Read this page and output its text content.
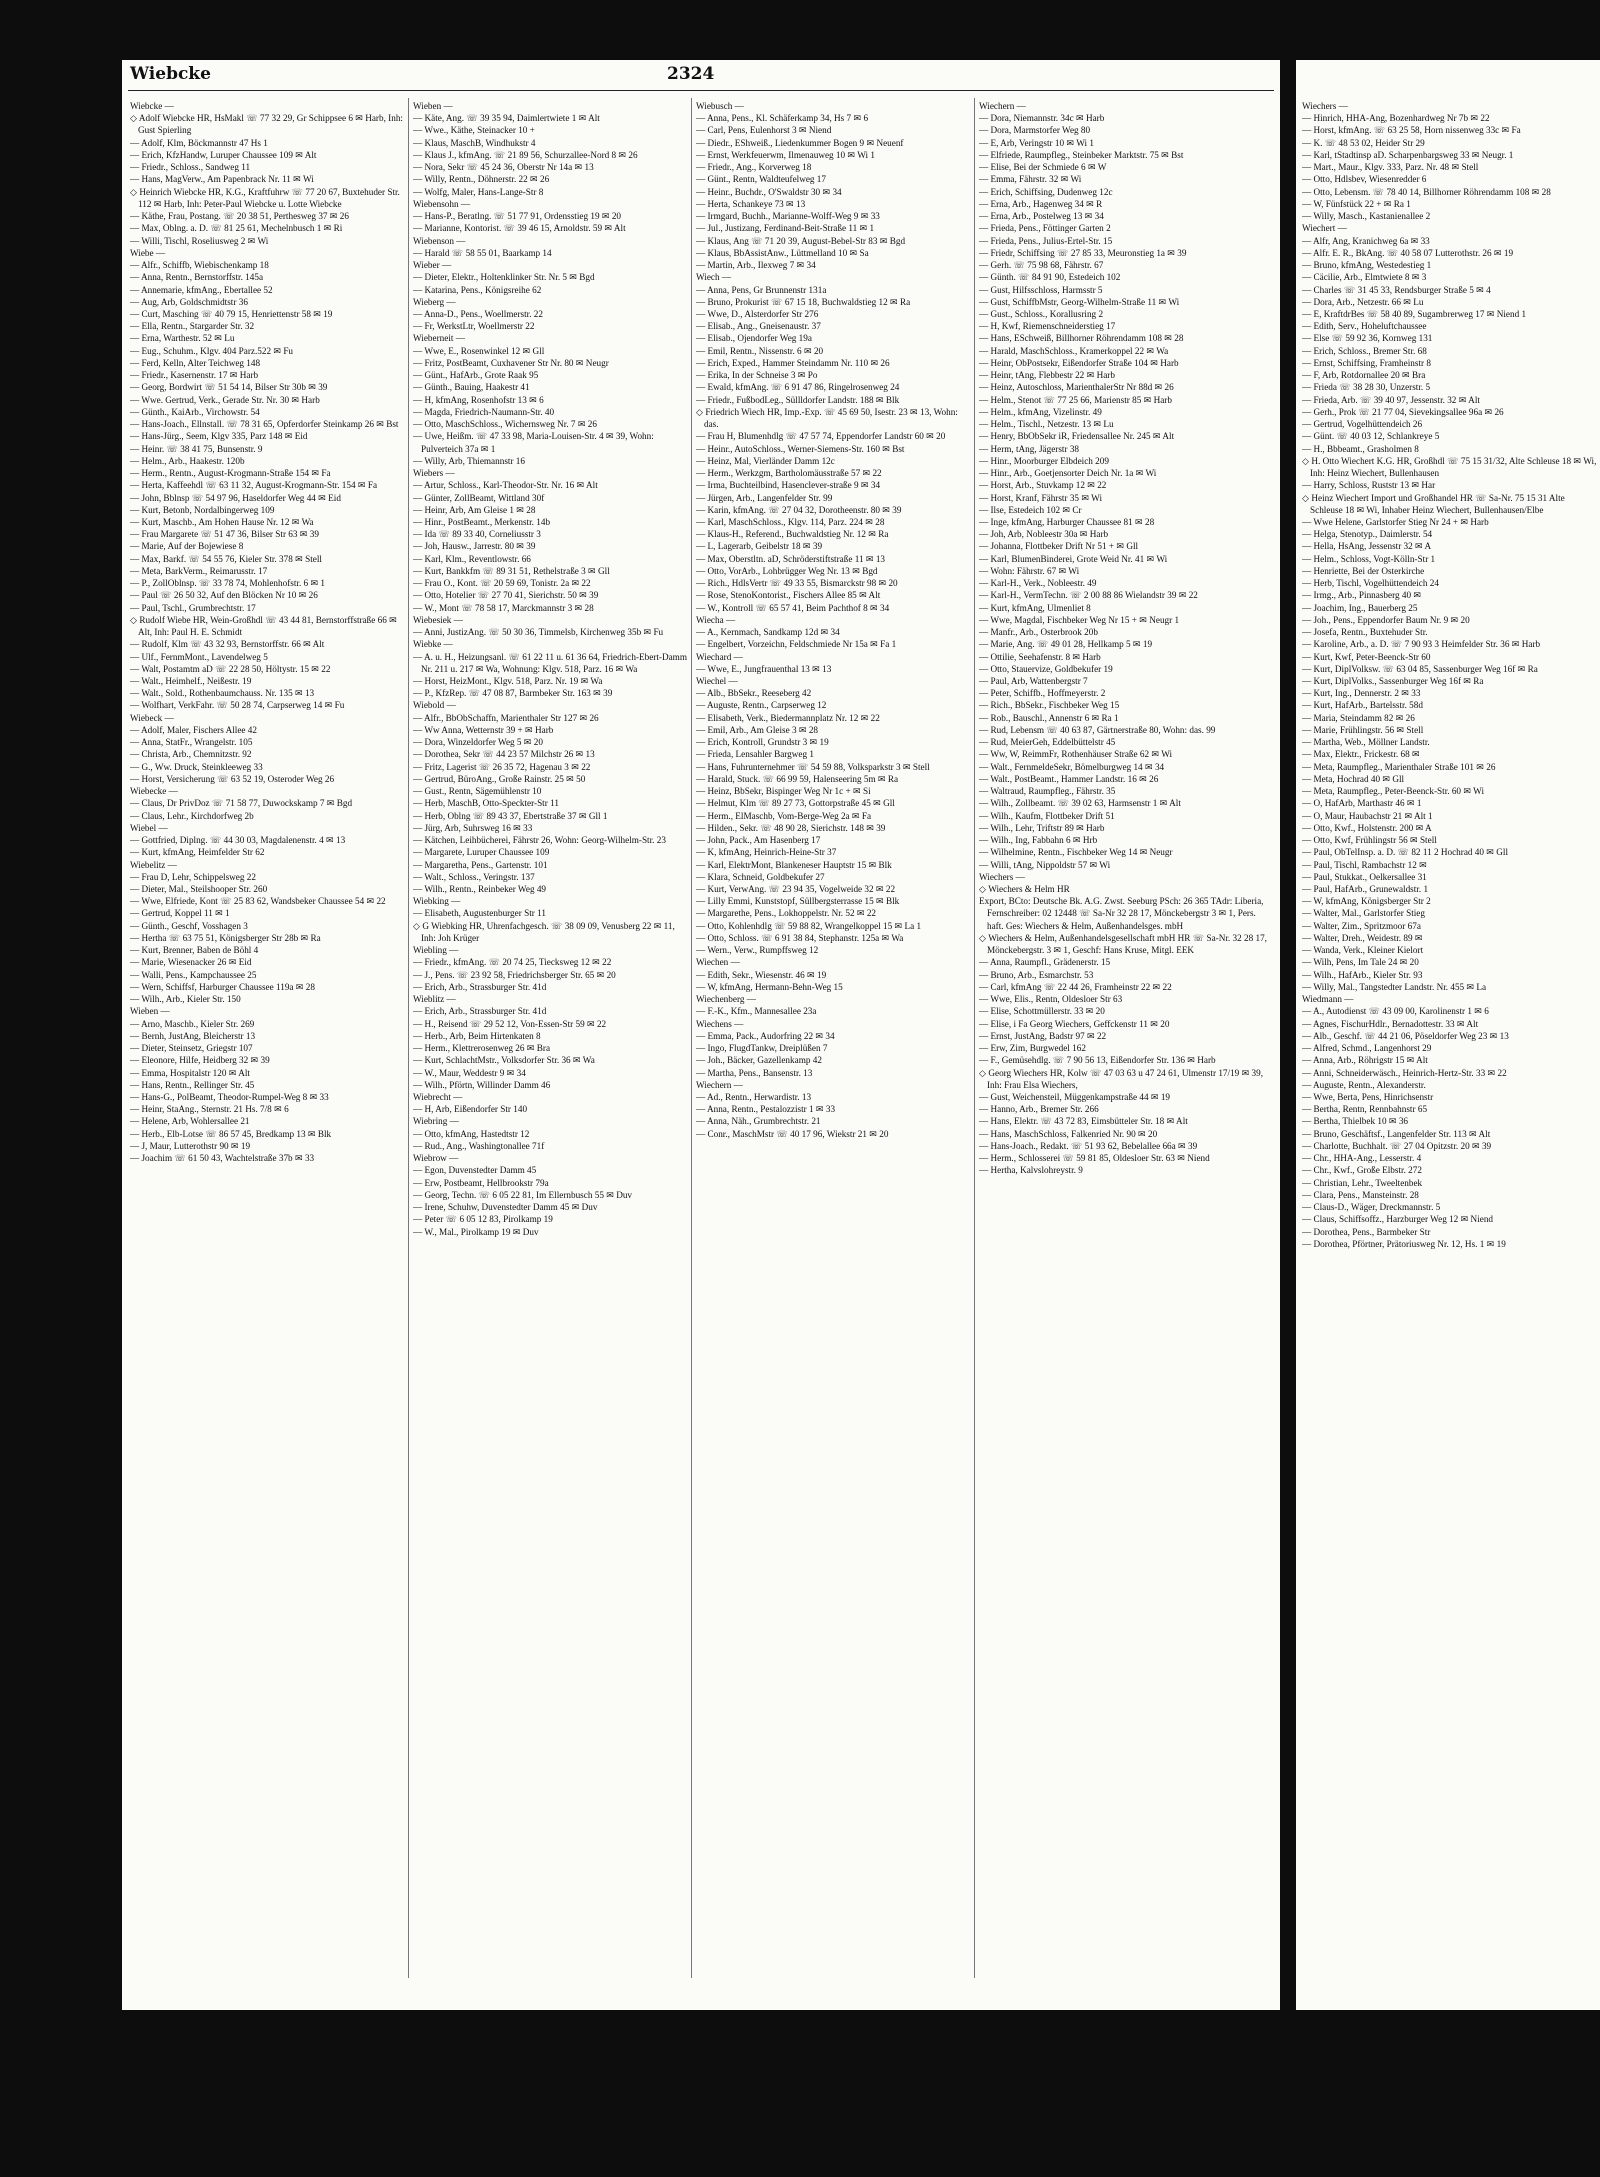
Wiebcke	2324

Wiebcke —

◇ Adolf Wiebcke HR, HsMakl ☏ 77 32 29, Gr Schippsee 6 ✉ Harb, Inh: Gust Spierling

— Adolf, Klm, Böckmannstr 47 Hs 1

— Erich, KfzHandw, Luruper Chaussee 109 ✉ Alt

— Friedr., Schloss., Sandweg 11

— Hans, MagVerw., Am Papenbrack Nr. 11 ✉ Wi

◇ Heinrich Wiebcke HR, K.G., Kraftfuhrw ☏ 77 20 67, Buxtehuder Str. 112 ✉ Harb, Inh: Peter-Paul Wiebcke u. Lotte Wiebcke

— Käthe, Frau, Postang. ☏ 20 38 51, Perthesweg 37 ✉ 26

— Max, Oblng. a. D. ☏ 81 25 61, Mechelnbusch 1 ✉ Ri

— Willi, Tischl, Roseliusweg 2 ✉ Wi

Wiebe —

— Alfr., Schiffb, Wiebischenkamp 18

— Anna, Rentn., Bernstorffstr. 145a

— Annemarie, kfmAng., Ebertallee 52

— Aug, Arb, Goldschmidtstr 36

— Curt, Masching ☏ 40 79 15, Henriettenstr 58 ✉ 19

— Ella, Rentn., Stargarder Str. 32

— Erna, Warthestr. 52 ✉ Lu

— Eug., Schuhm., Klgv. 404 Parz.522 ✉ Fu

— Ferd, Kelln, Alter Teichweg 148

— Friedr., Kasernenstr. 17 ✉ Harb

— Georg, Bordwirt ☏ 51 54 14, Bilser Str 30b ✉ 39

— Wwe. Gertrud, Verk., Gerade Str. Nr. 30 ✉ Harb

— Günth., KaiArb., Virchowstr. 54

— Hans-Joach., Ellnstall. ☏ 78 31 65, Opferdorfer Steinkamp 26 ✉ Bst

— Hans-Jürg., Seem, Klgv 335, Parz 148 ✉ Eid

— Heinr. ☏ 38 41 75, Bunsenstr. 9

— Helm., Arb., Haakestr. 120b

— Herm., Rentn., August-Krogmann-Straße 154 ✉ Fa

— Herta, Kaffeehdl ☏ 63 11 32, August-Krogmann-Str. 154 ✉ Fa

— John, Bblnsp ☏ 54 97 96, Haseldorfer Weg 44 ✉ Eid

— Kurt, Betonb, Nordalbingerweg 109

— Kurt, Maschb., Am Hohen Hause Nr. 12 ✉ Wa

— Frau Margarete ☏ 51 47 36, Bilser Str 63 ✉ 39

— Marie, Auf der Bojewiese 8

— Max, Barkf. ☏ 54 55 76, Kieler Str. 378 ✉ Stell

— Meta, BarkVerm., Reimarusstr. 17

— P., ZollOblnsp. ☏ 33 78 74, Mohlenhofstr. 6 ✉ 1

— Paul ☏ 26 50 32, Auf den Blöcken Nr 10 ✉ 26

— Paul, Tschl., Grumbrechtstr. 17

◇ Rudolf Wiebe HR, Wein-Großhdl ☏ 43 44 81, Bernstorffstraße 66 ✉ Alt, Inh: Paul H. E. Schmidt

— Rudolf, Klm ☏ 43 32 93, Bernstorffstr. 66 ✉ Alt

— Ulf., FernmMont., Lavendelweg 5

— Walt, Postamtm aD ☏ 22 28 50, Höltystr. 15 ✉ 22

— Walt., Heimhelf., Neißestr. 19

— Walt., Sold., Rothenbaumchauss. Nr. 135 ✉ 13

— Wolfhart, VerkFahr. ☏ 50 28 74, Carpserweg 14 ✉ Fu

Wiebeck —

— Adolf, Maler, Fischers Allee 42

— Anna, StatFr., Wrangelstr. 105

— Christa, Arb., Chemnitzstr. 92

— G., Ww. Druck, Steinkleeweg 33

— Horst, Versicherung ☏ 63 52 19, Osteroder Weg 26

Wiebecke —

— Claus, Dr PrivDoz ☏ 71 58 77, Duwockskamp 7 ✉ Bgd

— Claus, Lehr., Kirchdorfweg 2b

Wiebel —

— Gottfried, Diplng. ☏ 44 30 03, Magdalenenstr. 4 ✉ 13

— Kurt, kfmAng, Heimfelder Str 62

Wiebelitz —

— Frau D, Lehr, Schippelsweg 22

— Dieter, Mal., Steilshooper Str. 260

— Wwe, Elfriede, Kont ☏ 25 83 62, Wandsbeker Chaussee 54 ✉ 22

— Gertrud, Koppel 11 ✉ 1

— Günth., Geschf, Vosshagen 3

— Hertha ☏ 63 75 51, Königsberger Str 28b ✉ Ra

— Kurt, Brenner, Baben de Böhl 4

— Marie, Wiesenacker 26 ✉ Eid

— Walli, Pens., Kampchaussee 25

— Wern, Schiffsf, Harburger Chaussee 119a ✉ 28

— Wilh., Arb., Kieler Str. 150

Wieben —

— Arno, Maschb., Kieler Str. 269

— Bernh, JustAng, Bleicherstr 13

— Dieter, Steinsetz, Griegstr 107

— Eleonore, Hilfe, Heidberg 32 ✉ 39

— Emma, Hospitalstr 120 ✉ Alt

— Hans, Rentn., Rellinger Str. 45

— Hans-G., PolBeamt, Theodor-Rumpel-Weg 8 ✉ 33

— Heinr, StaAng., Sternstr. 21 Hs. 7/8 ✉ 6

— Helene, Arb, Wohlersallee 21

— Herb., Elb-Lotse ☏ 86 57 45, Bredkamp 13 ✉ Blk

— J, Maur, Lutterothstr 90 ✉ 19

— Joachim ☏ 61 50 43, Wachtelstraße 37b ✉ 33

Wieben —

— Käte, Ang. ☏ 39 35 94, Daimlertwiete 1 ✉ Alt

— Wwe., Käthe, Steinacker 10 +

— Klaus, MaschB, Windhukstr 4

— Klaus J., kfmAng. ☏ 21 89 56, Schurzallee-Nord 8 ✉ 26

— Nora, Sekr ☏ 45 24 36, Oberstr Nr 14a ✉ 13

— Willy, Rentn., Döhnerstr. 22 ✉ 26

— Wolfg, Maler, Hans-Lange-Str 8

Wiebensohn —

— Hans-P., Beratlng. ☏ 51 77 91, Ordensstieg 19 ✉ 20

— Marianne, Kontorist. ☏ 39 46 15, Arnoldstr. 59 ✉ Alt

Wiebenson —

— Harald ☏ 58 55 01, Baarkamp 14

Wieber —

— Dieter, Elektr., Holtenklinker Str. Nr. 5 ✉ Bgd

— Katarina, Pens., Königsreihe 62

Wieberg —

— Anna-D., Pens., Woellmerstr. 22

— Fr, WerkstLtr, Woellmerstr 22

Wieberneit —

— Wwe, E., Rosenwinkel 12 ✉ Gll

— Fritz, PostBeamt, Cuxhavener Str Nr. 80 ✉ Neugr

— Günt., HafArb., Grote Raak 95

— Günth., Bauing, Haakestr 41

— H, kfmAng, Rosenhofstr 13 ✉ 6

— Magda, Friedrich-Naumann-Str. 40

— Otto, MaschSchloss., Wichernsweg Nr. 7 ✉ 26

— Uwe, Heißm. ☏ 47 33 98, Maria-Louisen-Str. 4 ✉ 39, Wohn: Pulverteich 37a ✉ 1

— Willy, Arb, Thiemannstr 16

Wiebers —

— Artur, Schloss., Karl-Theodor-Str. Nr. 16 ✉ Alt

— Günter, ZollBeamt, Wittland 30f

— Heinr, Arb, Am Gleise 1 ✉ 28

— Hinr., PostBeamt., Merkenstr. 14b

— Ida ☏ 89 33 40, Corneliusstr 3

— Joh, Hausw., Jarrestr. 80 ✉ 39

— Karl, Klm., Reventlowstr. 66

— Kurt, Bankkfm ☏ 89 31 51, Rethelstraße 3 ✉ Gll

— Frau O., Kont. ☏ 20 59 69, Tonistr. 2a ✉ 22

— Otto, Hotelier ☏ 27 70 41, Sierichstr. 50 ✉ 39

— W., Mont ☏ 78 58 17, Marckmannstr 3 ✉ 28

Wiebesiek —

— Anni, JustizAng. ☏ 50 30 36, Timmelsb, Kirchenweg 35b ✉ Fu

Wiebke —

— A. u. H., Heizungsanl. ☏ 61 22 11 u. 61 36 64, Friedrich-Ebert-Damm Nr. 211 u. 217 ✉ Wa, Wohnung: Klgv. 518, Parz. 16 ✉ Wa

— Horst, HeizMont., Klgv. 518, Parz. Nr. 19 ✉ Wa

— P., KfzRep. ☏ 47 08 87, Barmbeker Str. 163 ✉ 39

Wiebold —

— Alfr., BbObSchaffn, Marienthaler Str 127 ✉ 26

— Ww Anna, Wetternstr 39 + ✉ Harb

— Dora, Winzeldorfer Weg 5 ✉ 20

— Dorothea, Sekr ☏ 44 23 57 Milchstr 26 ✉ 13

— Fritz, Lagerist ☏ 26 35 72, Hagenau 3 ✉ 22

— Gertrud, BüroAng., Große Rainstr. 25 ✉ 50

— Gust., Rentn, Sägemühlenstr 10

— Herb, MaschB, Otto-Speckter-Str 11

— Herb, Oblng ☏ 89 43 37, Ebertstraße 37 ✉ Gll 1

— Jürg, Arb, Suhrsweg 16 ✉ 33

— Kätchen, Leihbücherei, Fährstr 26, Wohn: Georg-Wilhelm-Str. 23

— Margarete, Luruper Chaussee 109

— Margaretha, Pens., Gartenstr. 101

— Walt., Schloss., Veringstr. 137

— Wilh., Rentn., Reinbeker Weg 49

Wiebking —

— Elisabeth, Augustenburger Str 11

◇ G Wiebking HR, Uhrenfachgesch. ☏ 38 09 09, Venusberg 22 ✉ 11, Inh: Joh Krüger

Wiebling —

— Friedr., kfmAng. ☏ 20 74 25, Tiecksweg 12 ✉ 22

— J., Pens. ☏ 23 92 58, Friedrichsberger Str. 65 ✉ 20

— Erich, Arb., Strassburger Str. 41d

Wieblitz —

— Erich, Arb., Strassburger Str. 41d

— H., Reisend ☏ 29 52 12, Von-Essen-Str 59 ✉ 22

— Herb., Arb, Beim Hirtenkaten 8

— Herm., Klettrerosenweg 26 ✉ Bra

— Kurt, SchlachtMstr., Volksdorfer Str. 36 ✉ Wa

— W., Maur, Weddestr 9 ✉ 34

— Wilh., Pförtn, Willinder Damm 46

Wiebrecht —

— H, Arb, Eißendorfer Str 140

Wiebring —

— Otto, kfmAng, Hastedtstr 12

— Rud., Ang., Washingtonallee 71f

Wiebrow —

— Egon, Duvenstedter Damm 45

— Erw, Postbeamt, Hellbrookstr 79a

— Georg, Techn. ☏ 6 05 22 81, Im Ellernbusch 55 ✉ Duv

— Irene, Schuhw, Duvenstedter Damm 45 ✉ Duv

— Peter ☏ 6 05 12 83, Pirolkamp 19

— W., Mal., Pirolkamp 19 ✉ Duv

Wiebusch —

— Anna, Pens., Kl. Schäferkamp 34, Hs 7 ✉ 6

— Carl, Pens, Eulenhorst 3 ✉ Niend

— Diedr., EShweiß., Liedenkummer Bogen 9 ✉ Neuenf

— Ernst, Werkfeuerwm, Ilmenauweg 10 ✉ Wi 1

— Friedr., Ang., Korverweg 18

— Günt., Rentn, Waldteufelweg 17

— Heinr., Buchdr., O'Swaldstr 30 ✉ 34

— Herta, Schankeye 73 ✉ 13

— Irmgard, Buchh., Marianne-Wolff-Weg 9 ✉ 33

— Jul., Justizang, Ferdinand-Beit-Straße 11 ✉ 1

— Klaus, Ang ☏ 71 20 39, August-Bebel-Str 83 ✉ Bgd

— Klaus, BbAssistAnw., Lüttmelland 10 ✉ Sa

— Martin, Arb., Ilexweg 7 ✉ 34

Wiech —

— Anna, Pens, Gr Brunnenstr 131a

— Bruno, Prokurist ☏ 67 15 18, Buchwaldstieg 12 ✉ Ra

— Wwe, D., Alsterdorfer Str 276

— Elisab., Ang., Gneisenaustr. 37

— Elisab., Ojendorfer Weg 19a

— Emil, Rentn., Nissenstr. 6 ✉ 20

— Erich, Exped., Hammer Steindamm Nr. 110 ✉ 26

— Erika, In der Schneise 3 ✉ Po

— Ewald, kfmAng. ☏ 6 91 47 86, Ringelrosenweg 24

— Friedr., FußbodLeg., Süllldorfer Landstr. 188 ✉ Blk

◇ Friedrich Wiech HR, Imp.-Exp. ☏ 45 69 50, Isestr. 23 ✉ 13, Wohn: das.

— Frau H, Blumenhdlg ☏ 47 57 74, Eppendorfer Landstr 60 ✉ 20

— Heinr., AutoSchloss., Werner-Siemens-Str. 160 ✉ Bst

— Heinz, Mal, Vierländer Damm 12c

— Herm., Werkzgm, Bartholomäusstraße 57 ✉ 22

— Irma, Buchteilbind, Hasenclever-straße 9 ✉ 34

— Jürgen, Arb., Langenfelder Str. 99

— Karin, kfmAng. ☏ 27 04 32, Dorotheenstr. 80 ✉ 39

— Karl, MaschSchloss., Klgv. 114, Parz. 224 ✉ 28

— Klaus-H., Referend., Buchwaldstieg Nr. 12 ✉ Ra

— L, Lagerarb, Geibelstr 18 ✉ 39

— Max, Oberstltn. aD, Schröderstiftstraße 11 ✉ 13

— Otto, VorArb., Lohbrügger Weg Nr. 13 ✉ Bgd

— Rich., HdlsVertr ☏ 49 33 55, Bismarckstr 98 ✉ 20

— Rose, StenoKontorist., Fischers Allee 85 ✉ Alt

— W., Kontroll ☏ 65 57 41, Beim Pachthof 8 ✉ 34

Wiecha —

— A., Kernmach, Sandkamp 12d ✉ 34

— Engelbert, Vorzeichn, Feldschmiede Nr 15a ✉ Fa 1

Wiechard —

— Wwe, E., Jungfrauenthal 13 ✉ 13

Wiechel —

— Alb., BbSekr., Reeseberg 42

— Auguste, Rentn., Carpserweg 12

— Elisabeth, Verk., Biedermannplatz Nr. 12 ✉ 22

— Emil, Arb., Am Gleise 3 ✉ 28

— Erich, Kontroll, Grundstr 3 ✉ 19

— Frieda, Lensahler Bargweg 1

— Hans, Fuhrunternehmer ☏ 54 59 88, Volksparkstr 3 ✉ Stell

— Harald, Stuck. ☏ 66 99 59, Halenseering 5m ✉ Ra

— Heinz, BbSekr, Bispinger Weg Nr 1c + ✉ Si

— Helmut, Klm ☏ 89 27 73, Gottorpstraße 45 ✉ Gll

— Herm., ElMaschb, Vom-Berge-Weg 2a ✉ Fa

— Hilden., Sekr. ☏ 48 90 28, Sierichstr. 148 ✉ 39

— John, Pack., Am Hasenberg 17

— K, kfmAng, Heinrich-Heine-Str 37

— Karl, ElektrMont, Blankeneser Hauptstr 15 ✉ Blk

— Klara, Schneid, Goldbekufer 27

— Kurt, VerwAng. ☏ 23 94 35, Vogelweide 32 ✉ 22

— Lilly Emmi, Kunststopf, Süllbergsterrasse 15 ✉ Blk

— Margarethe, Pens., Lokhoppelstr. Nr. 52 ✉ 22

— Otto, Kohlenhdlg ☏ 59 88 82, Wrangelkoppel 15 ✉ La 1

— Otto, Schloss. ☏ 6 91 38 84, Stephanstr. 125a ✉ Wa

— Wern., Verw., Rumpffsweg 12

Wiechen —

— Edith, Sekr., Wiesenstr. 46 ✉ 19

— W, kfmAng, Hermann-Behn-Weg 15

Wiechenberg —

— F.-K., Kfm., Mannesallee 23a

Wiechens —

— Emma, Pack., Audorfring 22 ✉ 34

— Ingo, FlugdTankw, Dreiplüßen 7

— Joh., Bäcker, Gazellenkamp 42

— Martha, Pens., Bansenstr. 13

Wiechern —

— Ad., Rentn., Herwardistr. 13

— Anna, Rentn., Pestalozzistr 1 ✉ 33

— Anna, Näh., Grumbrechtstr. 21

— Conr., MaschMstr ☏ 40 17 96, Wiekstr 21 ✉ 20

Wiechern —

— Dora, Niemannstr. 34c ✉ Harb

— Dora, Marmstorfer Weg 80

— E, Arb, Veringstr 10 ✉ Wi 1

— Elfriede, Raumpfleg., Steinbeker Marktstr. 75 ✉ Bst

— Elise, Bei der Schmiede 6 ✉ W

— Emma, Fährstr. 32 ✉ Wi

— Erich, Schiffsing, Dudenweg 12c

— Erna, Arb., Hagenweg 34 ✉ R

— Erna, Arb., Postelweg 13 ✉ 34

— Frieda, Pens., Föttinger Garten 2

— Frieda, Pens., Julius-Ertel-Str. 15

— Friedr, Schiffsing ☏ 27 85 33, Meuronstieg 1a ✉ 39

— Gerh. ☏ 75 98 68, Fährstr. 67

— Günth. ☏ 84 91 90, Estedeich 102

— Gust, Hilfsschloss, Harmsstr 5

— Gust, SchiffbMstr, Georg-Wilhelm-Straße 11 ✉ Wi

— Gust., Schloss., Korallusring 2

— H, Kwf, Riemenschneiderstieg 17

— Hans, ESchweiß, Billhorner Röhrendamm 108 ✉ 28

— Harald, MaschSchloss., Kramerkoppel 22 ✉ Wa

— Heinr, ObPostsekr, Eißendorfer Straße 104 ✉ Harb

— Heinr, tAng, Flebbestr 22 ✉ Harb

— Heinz, Autoschloss, MarienthalerStr Nr 88d ✉ 26

— Helm., Stenot ☏ 77 25 66, Marienstr 85 ✉ Harb

— Helm., kfmAng, Vizelinstr. 49

— Helm., Tischl., Netzestr. 13 ✉ Lu

— Henry, BbObSekr iR, Friedensallee Nr. 245 ✉ Alt

— Herm, tAng, Jägerstr 38

— Hinr., Moorburger Elbdeich 209

— Hinr., Arb., Goetjensorter Deich Nr. 1a ✉ Wi

— Horst, Arb., Stuvkamp 12 ✉ 22

— Horst, Kranf, Fährstr 35 ✉ Wi

— Ilse, Estedeich 102 ✉ Cr

— Inge, kfmAng, Harburger Chaussee 81 ✉ 28

— Joh, Arb, Nobleestr 30a ✉ Harb

— Johanna, Flottbeker Drift Nr 51 + ✉ Gll

— Karl, BlumenBinderei, Grote Weid Nr. 41 ✉ Wi

— Wohn: Fährstr. 67 ✉ Wi

— Karl-H., Verk., Nobleestr. 49

— Karl-H., VermTechn. ☏ 2 00 88 86 Wielandstr 39 ✉ 22

— Kurt, kfmAng, Ulmenliet 8

— Wwe, Magdal, Fischbeker Weg Nr 15 + ✉ Neugr 1

— Manfr., Arb., Osterbrook 20b

— Marie, Ang. ☏ 49 01 28, Hellkamp 5 ✉ 19

— Ottilie, Seehafenstr. 8 ✉ Harb

— Otto, Stauervize, Goldbekufer 19

— Paul, Arb, Wattenbergstr 7

— Peter, Schiffb., Hoffmeyerstr. 2

— Rich., BbSekr., Fischbeker Weg 15

— Rob., Bauschl., Annenstr 6 ✉ Ra 1

— Rud, Lebensm ☏ 40 63 87, Gärtnerstraße 80, Wohn: das. 99

— Rud, MeierGeh, Eddelbüttelstr 45

— Ww, W, ReimmFr, Rothenhäuser Straße 62 ✉ Wi

— Walt., FernmeldeSekr, Bömelburgweg 14 ✉ 34

— Walt., PostBeamt., Hammer Landstr. 16 ✉ 26

— Waltraud, Raumpfleg., Fährstr. 35

— Wilh., Zollbeamt. ☏ 39 02 63, Harmsenstr 1 ✉ Alt

— Wilh., Kaufm, Flottbeker Drift 51

— Wilh., Lehr, Triftstr 89 ✉ Harb

— Wilh., Ing, Fabbahn 6 ✉ Hrb

— Wilhelmine, Rentn., Fischbeker Weg 14 ✉ Neugr

— Willi, tAng, Nippoldstr 57 ✉ Wi

Wiechers —

◇ Wiechers & Helm HR

Export, BCto: Deutsche Bk. A.G. Zwst. Seeburg PSch: 26 365 TAdr: Liberia, Fernschreiber: 02 12448 ☏ Sa-Nr 32 28 17, Mönckebergstr 3 ✉ 1, Pers. haft. Ges: Wiechers & Helm, Außenhandelsges. mbH

◇ Wiechers & Helm, Außenhandelsgesellschaft mbH HR ☏ Sa-Nr. 32 28 17, Mönckebergstr. 3 ✉ 1, Geschf: Hans Kruse, Mitgl. EEK

— Anna, Raumpfl., Grädenerstr. 15

— Bruno, Arb., Esmarchstr. 53

— Carl, kfmAng ☏ 22 44 26, Framheinstr 22 ✉ 22

— Wwe, Elis., Rentn, Oldesloer Str 63

— Elise, Schottmüllerstr. 33 ✉ 20

— Elise, i Fa Georg Wiechers, Geffckenstr 11 ✉ 20

— Ernst, JustAng, Badstr 97 ✉ 22

— Erw, Zim, Burgwedel 162

— F., Gemüsehdlg. ☏ 7 90 56 13, Eißendorfer Str. 136 ✉ Harb

◇ Georg Wiechers HR, Kolw ☏ 47 03 63 u 47 24 61, Ulmenstr 17/19 ✉ 39, Inh: Frau Elsa Wiechers,

— Gust, Weichensteil, Müggenkampstraße 44 ✉ 19

— Hanno, Arb., Bremer Str. 266

— Hans, Elektr. ☏ 43 72 83, Eimsbütteler Str. 18 ✉ Alt

— Hans, MaschSchloss, Falkenried Nr. 90 ✉ 20

— Hans-Joach., Redakt. ☏ 51 93 62, Bebelallee 66a ✉ 39

— Herm., Schlosserei ☏ 59 81 85, Oldesloer Str. 63 ✉ Niend

— Hertha, Kalvslohreystr. 9

Wiechers —

— Hinrich, HHA-Ang, Bozenhardweg Nr 7b ✉ 22

— Horst, kfmAng. ☏ 63 25 58, Horn nissenweg 33c ✉ Fa

— K. ☏ 48 53 02, Heider Str 29

— Karl, tStadtinsp aD. Scharpenbargsweg 33 ✉ Neugr. 1

— Mart., Maur., Klgv. 333, Parz. Nr. 48 ✉ Stell

— Otto, Hdlsbev, Wiesenredder 6

— Otto, Lebensm. ☏ 78 40 14, Billhorner Röhrendamm 108 ✉ 28

— W, Fünfstück 22 + ✉ Ra 1

— Willy, Masch., Kastanienallee 2

Wiechert —

— Alfr, Ang, Kranichweg 6a ✉ 33

— Alfr. E. R., BkAng. ☏ 40 58 07 Lutterothstr. 26 ✉ 19

— Bruno, kfmAng, Westedestieg 1

— Cäcilie, Arb., Elmtwiete 8 ✉ 3

— Charles ☏ 31 45 33, Rendsburger Straße 5 ✉ 4

— Dora, Arb., Netzestr. 66 ✉ Lu

— E, KraftdrBes ☏ 58 40 89, Sugambrerweg 17 ✉ Niend 1

— Edith, Serv., Hoheluftchaussee

— Else ☏ 59 92 36, Kornweg 131

— Erich, Schloss., Bremer Str. 68

— Ernst, Schiffsing, Framheinstr 8

— F, Arb, Rotdornallee 20 ✉ Bra

— Frieda ☏ 38 28 30, Unzerstr. 5

— Frieda, Arb. ☏ 39 40 97, Jessenstr. 32 ✉ Alt

— Gerh., Prok ☏ 21 77 04, Sievekingsallee 96a ✉ 26

— Gertrud, Vogelhüttendeich 26

— Günt. ☏ 40 03 12, Schlankreye 5

— H., Bbbeamt., Grasholmen 8

◇ H. Otto Wiechert K.G. HR, Großhdl ☏ 75 15 31/32, Alte Schleuse 18 ✉ Wi, Inh: Heinz Wiechert, Bullenhausen

— Harry, Schloss, Ruststr 13 ✉ Har

◇ Heinz Wiechert Import und Großhandel HR ☏ Sa-Nr. 75 15 31 Alte Schleuse 18 ✉ Wi, Inhaber Heinz Wiechert, Bullenhausen/Elbe

— Wwe Helene, Garlstorfer Stieg Nr 24 + ✉ Harb

— Helga, Stenotyp., Daimlerstr. 54

— Hella, HsAng, Jessenstr 32 ✉ A

— Helm., Schloss, Vogt-Kölln-Str 1

— Henriette, Bei der Osterkirche

— Herb, Tischl, Vogelhüttendeich 24

— Irmg., Arb., Pinnasberg 40 ✉

— Joachim, Ing., Bauerberg 25

— Joh., Pens., Eppendorfer Baum Nr. 9 ✉ 20

— Josefa, Rentn., Buxtehuder Str.

— Karoline, Arb., a. D. ☏ 7 90 93 3 Heimfelder Str. 36 ✉ Harb

— Kurt, Kwf, Peter-Beenck-Str 60

— Kurt, DiplVolksw. ☏ 63 04 85, Sassenburger Weg 16f ✉ Ra

— Kurt, DiplVolks., Sassenburger Weg 16f ✉ Ra

— Kurt, Ing., Dennerstr. 2 ✉ 33

— Kurt, HafArb., Bartelsstr. 58d

— Maria, Steindamm 82 ✉ 26

— Marie, Frühlingstr. 56 ✉ Stell

— Martha, Web., Möllner Landstr.

— Max, Elektr., Frickestr. 68 ✉

— Meta, Raumpfleg., Marienthaler Straße 101 ✉ 26

— Meta, Hochrad 40 ✉ Gll

— Meta, Raumpfleg., Peter-Beenck-Str. 60 ✉ Wi

— O, HafArb, Marthastr 46 ✉ 1

— O, Maur, Haubachstr 21 ✉ Alt 1

— Otto, Kwf., Holstenstr. 200 ✉ A

— Otto, Kwf, Frühlingstr 56 ✉ Stell

— Paul, ObTelInsp. a. D. ☏ 82 11 2 Hochrad 40 ✉ Gll

— Paul, Tischl, Rambachstr 12 ✉

— Paul, Stukkat., Oelkersallee 31

— Paul, HafArb., Grunewaldstr. 1

— W, kfmAng, Königsberger Str 2

— Walter, Mal., Garlstorfer Stieg

— Walter, Zim., Spritzmoor 67a

— Walter, Dreh., Weidestr. 89 ✉

— Wanda, Verk., Kleiner Kielort

— Wilh, Pens, Im Tale 24 ✉ 20

— Wilh., HafArb., Kieler Str. 93

— Willy, Mal., Tangstedter Landstr. Nr. 455 ✉ La

Wiedmann —

— A., Autodienst ☏ 43 09 00, Karolinenstr 1 ✉ 6

— Agnes, FischurHdlr., Bernadottestr. 33 ✉ Alt

— Alb., Geschf. ☏ 44 21 06, Pöseldorfer Weg 23 ✉ 13

— Alfred, Schmd., Langenhorst 29

— Anna, Arb., Röhrigstr 15 ✉ Alt

— Anni, Schneiderwäsch., Heinrich-Hertz-Str. 33 ✉ 22

— Auguste, Rentn., Alexanderstr.

— Wwe, Berta, Pens, Hinrichsenstr

— Bertha, Rentn, Rennbahnstr 65

— Bertha, Thielbek 10 ✉ 36

— Bruno, Geschäftsf., Langenfelder Str. 113 ✉ Alt

— Charlotte, Buchhalt. ☏ 27 04 Opitzstr. 20 ✉ 39

— Chr., HHA-Ang., Lesserstr. 4

— Chr., Kwf., Große Elbstr. 272

— Christian, Lehr., Tweeltenbek

— Clara, Pens., Mansteinstr. 28

— Claus-D., Wäger, Dreckmannstr. 5

— Claus, Schiffsoffz., Harzburger Weg 12 ✉ Niend

— Dorothea, Pens., Barmbeker Str

— Dorothea, Pförtner, Prätoriusweg Nr. 12, Hs. 1 ✉ 19
